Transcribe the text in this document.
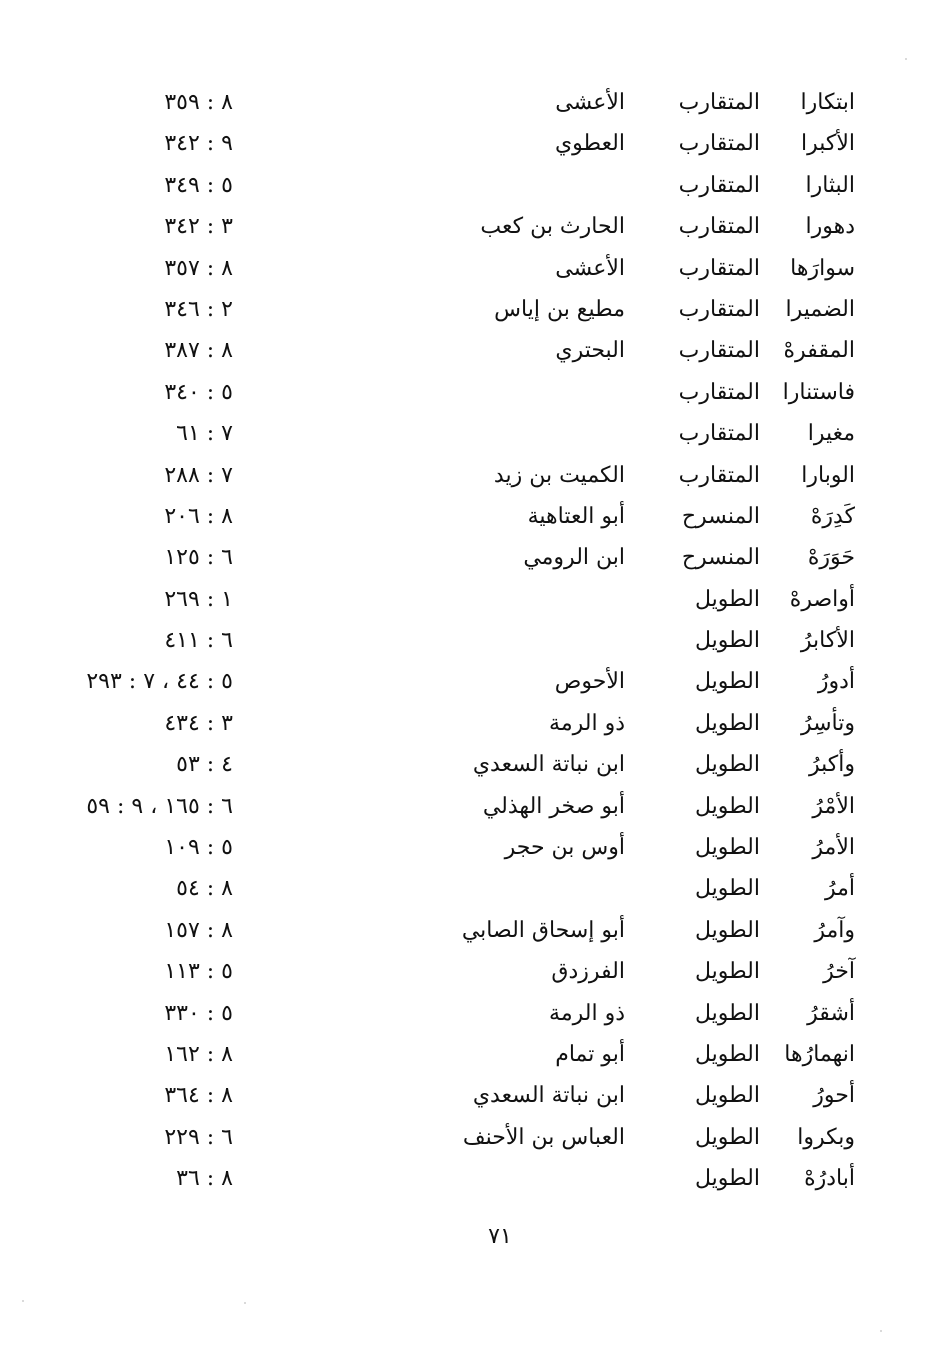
ابتكارا
المتقارب
الأعشى
٨ : ٣٥٩
الأكبرا
المتقارب
العطوي
٩ : ٣٤٢
البثارا
المتقارب
٥ : ٣٤٩
دهورا
المتقارب
الحارث بن كعب
٣ : ٣٤٢
سوارَها
المتقارب
الأعشى
٨ : ٣٥٧
الضميرا
المتقارب
مطيع بن إياس
٢ : ٣٤٦
المقفرهْ
المتقارب
البحتري
٨ : ٣٨٧
فاستنارا
المتقارب
٥ : ٣٤٠
مغيرا
المتقارب
٧ : ٦١
الوبارا
المتقارب
الكميت بن زيد
٧ : ٢٨٨
كَدِرَهْ
المنسرح
أبو العتاهية
٨ : ٢٠٦
حَوَرَهْ
المنسرح
ابن الرومي
٦ : ١٢٥
أواصرهْ
الطويل
١ : ٢٦٩
الأكابرُ
الطويل
٦ : ٤١١
أدورُ
الطويل
الأحوص
٥ : ٤٤ ، ٧ : ٢٩٣
وتأسِرُ
الطويل
ذو الرمة
٣ : ٤٣٤
وأكبرُ
الطويل
ابن نباتة السعدي
٤ : ٥٣
الأمْرُ
الطويل
أبو صخر الهذلي
٦ : ١٦٥ ، ٩ : ٥٩
الأمرُ
الطويل
أوس بن حجر
٥ : ١٠٩
أمرُ
الطويل
٨ : ٥٤
وآمرُ
الطويل
أبو إسحاق الصابي
٨ : ١٥٧
آخرُ
الطويل
الفرزدق
٥ : ١١٣
أشقرُ
الطويل
ذو الرمة
٥ : ٣٣٠
انهمارُها
الطويل
أبو تمام
٨ : ١٦٢
أحورُ
الطويل
ابن نباتة السعدي
٨ : ٣٦٤
وبكروا
الطويل
العباس بن الأحنف
٦ : ٢٢٩
أبادرُهْ
الطويل
٨ : ٣٦
٧١
